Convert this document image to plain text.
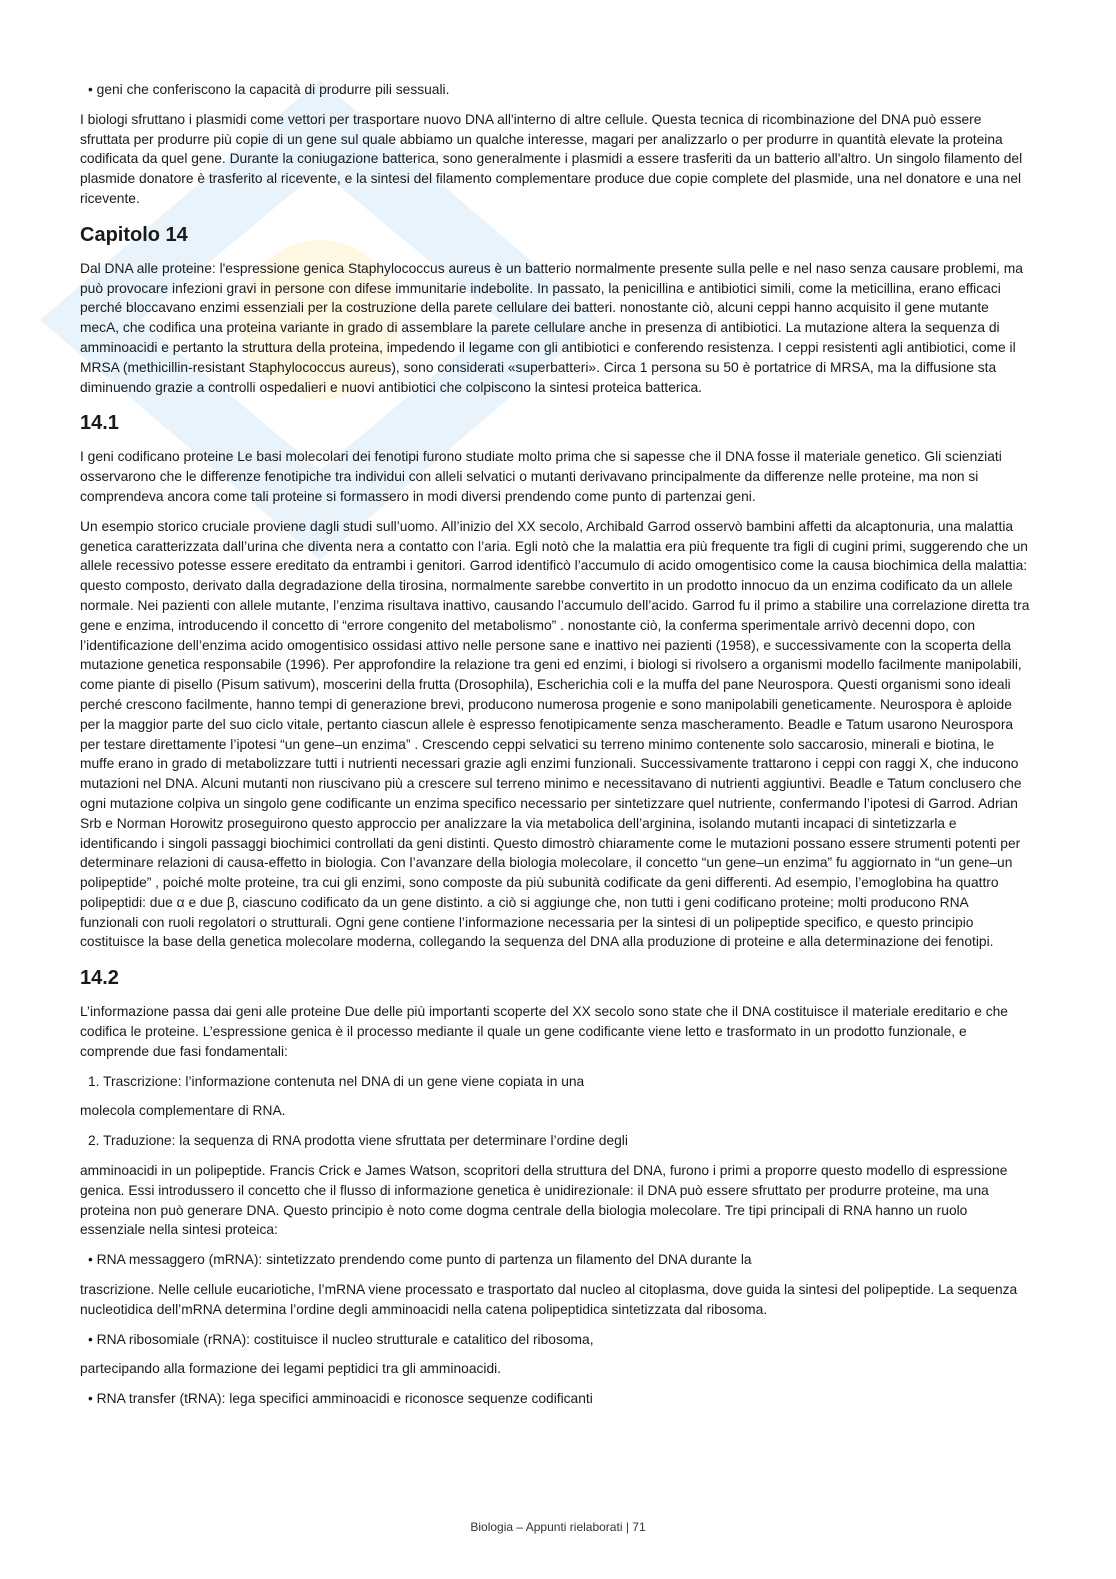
• geni che conferiscono la capacità di produrre pili sessuali.

I biologi sfruttano i plasmidi come vettori per trasportare nuovo DNA all'interno di altre cellule. Questa tecnica di ricombinazione del DNA può essere sfruttata per produrre più copie di un gene sul quale abbiamo un qualche interesse, magari per analizzarlo o per produrre in quantità elevate la proteina codificata da quel gene. Durante la coniugazione batterica, sono generalmente i plasmidi a essere trasferiti da un batterio all'altro. Un singolo filamento del plasmide donatore è trasferito al ricevente, e la sintesi del filamento complementare produce due copie complete del plasmide, una nel donatore e una nel ricevente.

Capitolo 14

Dal DNA alle proteine: l'espressione genica Staphylococcus aureus è un batterio normalmente presente sulla pelle e nel naso senza causare problemi, ma può provocare infezioni gravi in persone con difese immunitarie indebolite. In passato, la penicillina e antibiotici simili, come la meticillina, erano efficaci perché bloccavano enzimi essenziali per la costruzione della parete cellulare dei batteri. nonostante ciò, alcuni ceppi hanno acquisito il gene mutante mecA, che codifica una proteina variante in grado di assemblare la parete cellulare anche in presenza di antibiotici. La mutazione altera la sequenza di amminoacidi e pertanto la struttura della proteina, impedendo il legame con gli antibiotici e conferendo resistenza. I ceppi resistenti agli antibiotici, come il MRSA (methicillin-resistant Staphylococcus aureus), sono considerati «superbatteri». Circa 1 persona su 50 è portatrice di MRSA, ma la diffusione sta diminuendo grazie a controlli ospedalieri e nuovi antibiotici che colpiscono la sintesi proteica batterica.

14.1

I geni codificano proteine Le basi molecolari dei fenotipi furono studiate molto prima che si sapesse che il DNA fosse il materiale genetico. Gli scienziati osservarono che le differenze fenotipiche tra individui con alleli selvatici o mutanti derivavano principalmente da differenze nelle proteine, ma non si comprendeva ancora come tali proteine si formassero in modi diversi prendendo come punto di partenzai geni.

Un esempio storico cruciale proviene dagli studi sull’uomo. All’inizio del XX secolo, Archibald Garrod osservò bambini affetti da alcaptonuria, una malattia genetica caratterizzata dall’urina che diventa nera a contatto con l’aria. Egli notò che la malattia era più frequente tra figli di cugini primi, suggerendo che un allele recessivo potesse essere ereditato da entrambi i genitori. Garrod identificò l’accumulo di acido omogentisico come la causa biochimica della malattia: questo composto, derivato dalla degradazione della tirosina, normalmente sarebbe convertito in un prodotto innocuo da un enzima codificato da un allele normale. Nei pazienti con allele mutante, l’enzima risultava inattivo, causando l’accumulo dell’acido. Garrod fu il primo a stabilire una correlazione diretta tra gene e enzima, introducendo il concetto di “errore congenito del metabolismo” . nonostante ciò, la conferma sperimentale arrivò decenni dopo, con l’identificazione dell’enzima acido omogentisico ossidasi attivo nelle persone sane e inattivo nei pazienti (1958), e successivamente con la scoperta della mutazione genetica responsabile (1996). Per approfondire la relazione tra geni ed enzimi, i biologi si rivolsero a organismi modello facilmente manipolabili, come piante di pisello (Pisum sativum), moscerini della frutta (Drosophila), Escherichia coli e la muffa del pane Neurospora. Questi organismi sono ideali perché crescono facilmente, hanno tempi di generazione brevi, producono numerosa progenie e sono manipolabili geneticamente. Neurospora è aploide per la maggior parte del suo ciclo vitale, pertanto ciascun allele è espresso fenotipicamente senza mascheramento. Beadle e Tatum usarono Neurospora per testare direttamente l’ipotesi “un gene–un enzima” . Crescendo ceppi selvatici su terreno minimo contenente solo saccarosio, minerali e biotina, le muffe erano in grado di metabolizzare tutti i nutrienti necessari grazie agli enzimi funzionali. Successivamente trattarono i ceppi con raggi X, che inducono mutazioni nel DNA. Alcuni mutanti non riuscivano più a crescere sul terreno minimo e necessitavano di nutrienti aggiuntivi. Beadle e Tatum conclusero che ogni mutazione colpiva un singolo gene codificante un enzima specifico necessario per sintetizzare quel nutriente, confermando l’ipotesi di Garrod. Adrian Srb e Norman Horowitz proseguirono questo approccio per analizzare la via metabolica dell’arginina, isolando mutanti incapaci di sintetizzarla e identificando i singoli passaggi biochimici controllati da geni distinti. Questo dimostrò chiaramente come le mutazioni possano essere strumenti potenti per determinare relazioni di causa-effetto in biologia. Con l’avanzare della biologia molecolare, il concetto “un gene–un enzima” fu aggiornato in “un gene–un polipeptide” , poiché molte proteine, tra cui gli enzimi, sono composte da più subunità codificate da geni differenti. Ad esempio, l’emoglobina ha quattro polipeptidi: due α e due β, ciascuno codificato da un gene distinto. a ciò si aggiunge che, non tutti i geni codificano proteine; molti producono RNA funzionali con ruoli regolatori o strutturali. Ogni gene contiene l’informazione necessaria per la sintesi di un polipeptide specifico, e questo principio costituisce la base della genetica molecolare moderna, collegando la sequenza del DNA alla produzione di proteine e alla determinazione dei fenotipi.

14.2

L’informazione passa dai geni alle proteine Due delle più importanti scoperte del XX secolo sono state che il DNA costituisce il materiale ereditario e che codifica le proteine. L’espressione genica è il processo mediante il quale un gene codificante viene letto e trasformato in un prodotto funzionale, e comprende due fasi fondamentali:

1. Trascrizione: l’informazione contenuta nel DNA di un gene viene copiata in una

molecola complementare di RNA.

2. Traduzione: la sequenza di RNA prodotta viene sfruttata per determinare l’ordine degli

amminoacidi in un polipeptide. Francis Crick e James Watson, scopritori della struttura del DNA, furono i primi a proporre questo modello di espressione genica. Essi introdussero il concetto che il flusso di informazione genetica è unidirezionale: il DNA può essere sfruttato per produrre proteine, ma una proteina non può generare DNA. Questo principio è noto come dogma centrale della biologia molecolare. Tre tipi principali di RNA hanno un ruolo essenziale nella sintesi proteica:

• RNA messaggero (mRNA): sintetizzato prendendo come punto di partenza un filamento del DNA durante la

trascrizione. Nelle cellule eucariotiche, l’mRNA viene processato e trasportato dal nucleo al citoplasma, dove guida la sintesi del polipeptide. La sequenza nucleotidica dell’mRNA determina l’ordine degli amminoacidi nella catena polipeptidica sintetizzata dal ribosoma.

• RNA ribosomiale (rRNA): costituisce il nucleo strutturale e catalitico del ribosoma,

partecipando alla formazione dei legami peptidici tra gli amminoacidi.

• RNA transfer (tRNA): lega specifici amminoacidi e riconosce sequenze codificanti

Biologia – Appunti rielaborati | 71
